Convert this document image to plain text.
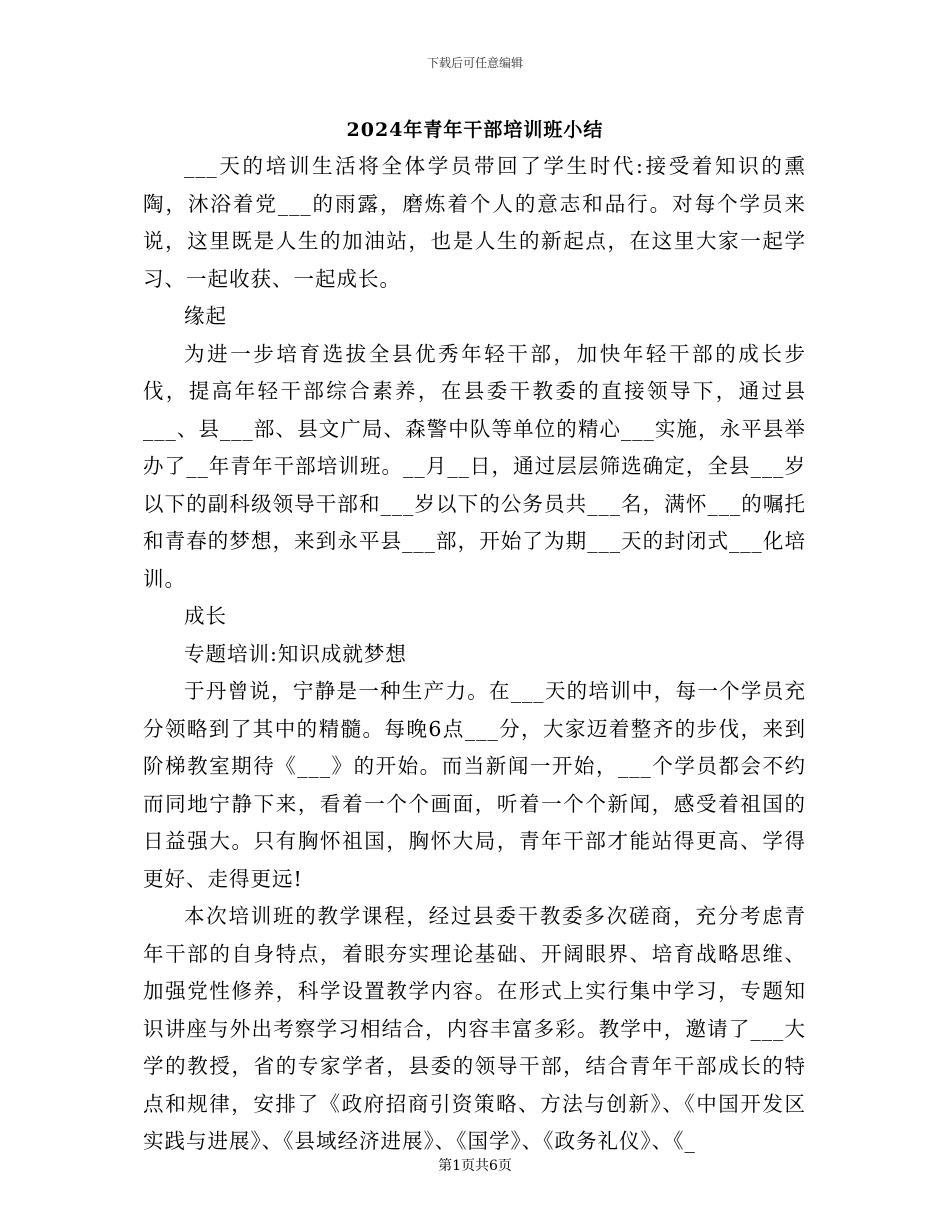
下载后可任意编辑
2024年青年干部培训班小结

___天的培训生活将全体学员带回了学生时代:接受着知识的熏陶，沐浴着党___的雨露，磨炼着个人的意志和品行。对每个学员来说，这里既是人生的加油站，也是人生的新起点，在这里大家一起学习、一起收获、一起成长。

缘起

为进一步培育选拔全县优秀年轻干部，加快年轻干部的成长步伐，提高年轻干部综合素养，在县委干教委的直接领导下，通过县___、县___部、县文广局、森警中队等单位的精心___实施，永平县举办了__年青年干部培训班。__月__日，通过层层筛选确定，全县___岁以下的副科级领导干部和___岁以下的公务员共___名，满怀___的嘱托和青春的梦想，来到永平县___部，开始了为期___天的封闭式___化培训。

成长

专题培训:知识成就梦想

于丹曾说，宁静是一种生产力。在___天的培训中，每一个学员充分领略到了其中的精髓。每晚6点___分，大家迈着整齐的步伐，来到阶梯教室期待《___》的开始。而当新闻一开始，___个学员都会不约而同地宁静下来，看着一个个画面，听着一个个新闻，感受着祖国的日益强大。只有胸怀祖国，胸怀大局，青年干部才能站得更高、学得更好、走得更远!

本次培训班的教学课程，经过县委干教委多次磋商，充分考虑青年干部的自身特点，着眼夯实理论基础、开阔眼界、培育战略思维、加强党性修养，科学设置教学内容。在形式上实行集中学习，专题知识讲座与外出考察学习相结合，内容丰富多彩。教学中，邀请了___大学的教授，省的专家学者，县委的领导干部，结合青年干部成长的特点和规律，安排了《政府招商引资策略、方法与创新》、《中国开发区实践与进展》、《县域经济进展》、《国学》、《政务礼仪》、《_

第1页共6页
